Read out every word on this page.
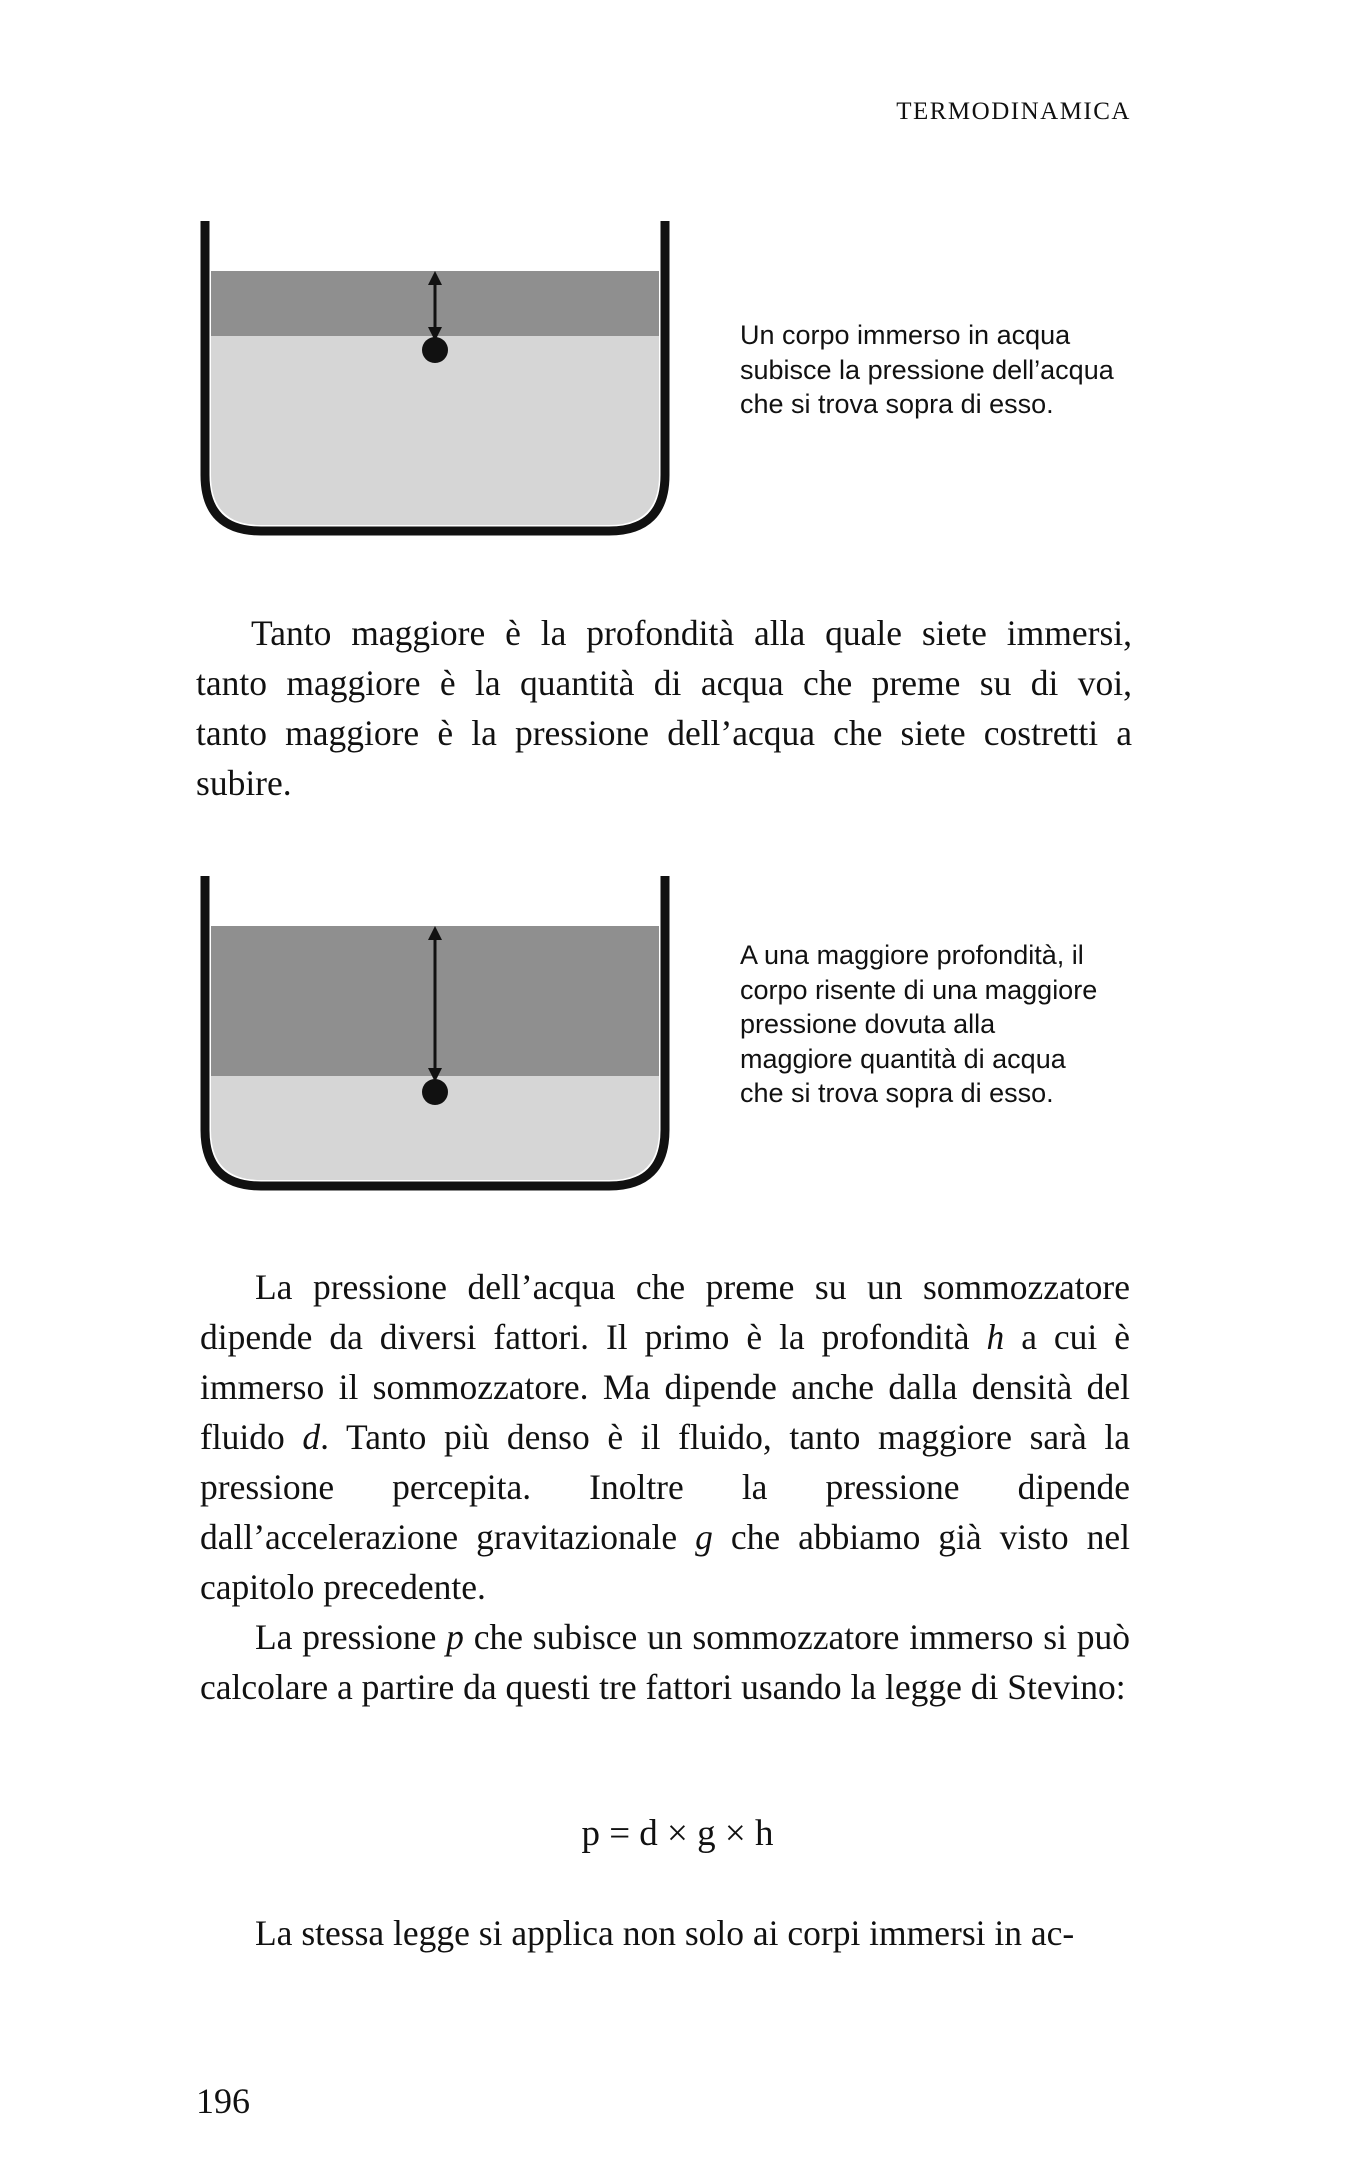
TERMODINAMICA
Un corpo immerso in acqua
subisce la pressione dell’acqua
che si trova sopra di esso.
Tanto maggiore è la profondità alla quale siete immersi,
tanto maggiore è la quantità di acqua che preme su di voi,
tanto maggiore è la pressione dell’acqua che siete costretti a
subire.
A una maggiore profondità, il
corpo risente di una maggiore
pressione dovuta alla
maggiore quantità di acqua
che si trova sopra di esso.

La pressione dell’acqua che preme su un sommozzatore dipende da diversi fattori. Il primo è la profondità h a cui è immerso il sommozzatore. Ma dipende anche dalla densità del fluido d. Tanto più denso è il fluido, tanto maggiore sarà la pressione percepita. Inoltre la pressione dipende dall’accelerazione gravitazionale g che abbiamo già visto nel capitolo precedente.

La pressione p che subisce un sommozzatore immerso si può calcolare a partire da questi tre fattori usando la legge di Stevino:

p = d × g × h
La stessa legge si applica non solo ai corpi immersi in ac-
196
